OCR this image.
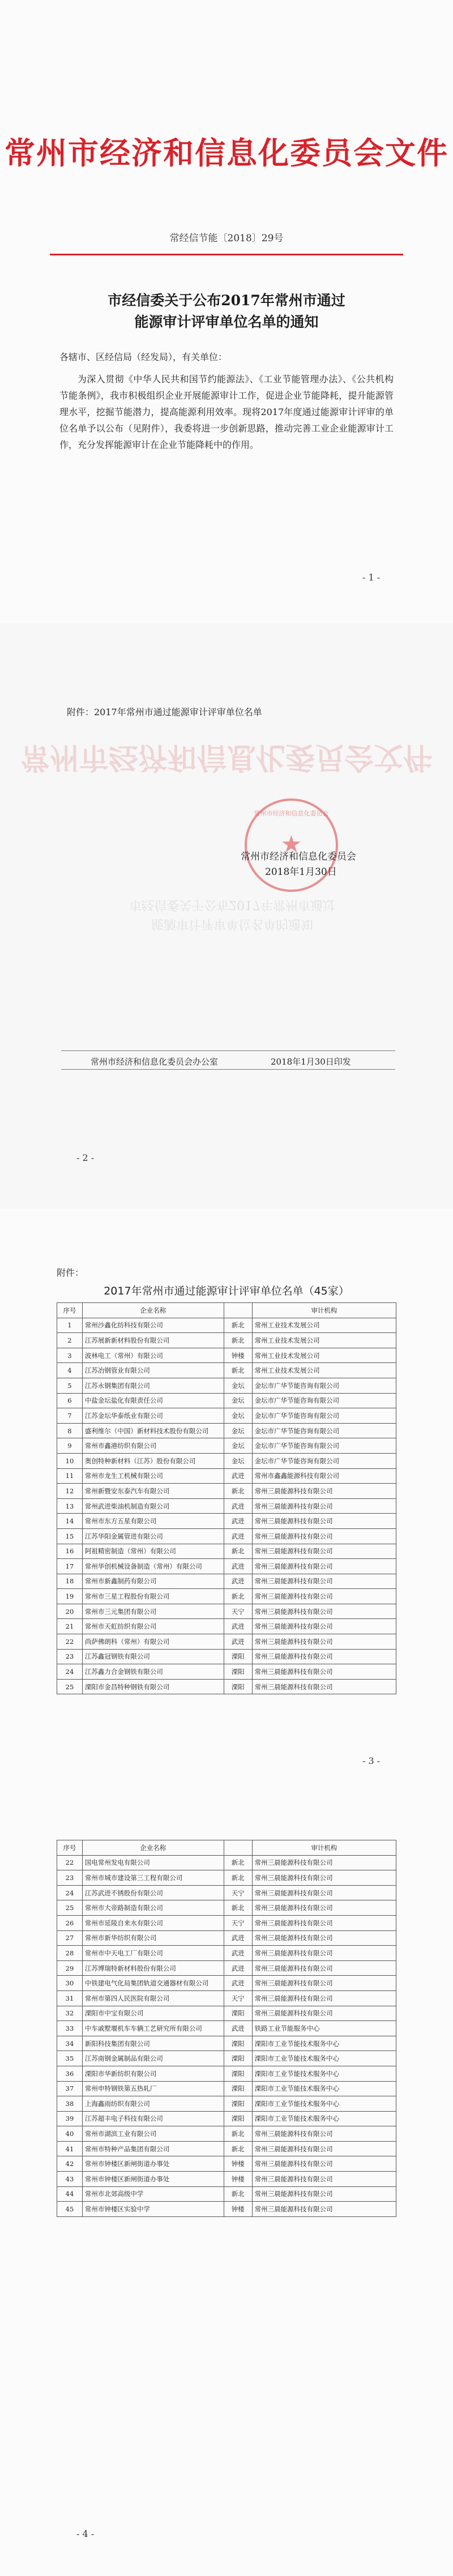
常州市经济和信息化委员会文件
常经信节能〔2018〕29号
市经信委关于公布2017年常州市通过
能源审计评审单位名单的通知
各辖市、区经信局（经发局），有关单位：
为深入贯彻《中华人民共和国节约能源法》、《工业节能管理办法》、《公共机构节能条例》，我市积极组织企业开展能源审计工作，促进企业节能降耗，提升能源管理水平，挖掘节能潜力，提高能源利用效率。现将2017年度通过能源审计评审的单位名单予以公布（见附件），我委将进一步创新思路，推动完善工业企业能源审计工作，充分发挥能源审计在企业节能降耗中的作用。
- 1 -
附件：2017年常州市通过能源审计评审单位名单
常州市经济和信息化委员会文件
市经信委关于公布2017年常州市通过
能源审计评审单位名单的通知
常州市经济和信息化委员会
★
常州市经济和信息化委员会
2018年1月30日
常州市经济和信息化委员会办公室	2018年1月30日印发
- 2 -
附件：
2017年常州市通过能源审计评审单位名单（45家）
序号	企业名称		审计机构
1	常州沙鑫化纺科技有限公司	新北	常州工业技术发展公司
2	江苏展新新材料股份有限公司	新北	常州工业技术发展公司
3	波林电工（常州）有限公司	钟楼	常州工业技术发展公司
4	江苏冶钢管业有限公司	新北	常州工业技术发展公司
5	江苏永钢集团有限公司	金坛	金坛市广华节能咨询有限公司
6	中盐金坛盐化有限责任公司	金坛	金坛市广华节能咨询有限公司
7	江苏金坛华泰纸业有限公司	金坛	金坛市广华节能咨询有限公司
8	盛利维尔（中国）新材料技术股份有限公司	金坛	金坛市广华节能咨询有限公司
9	常州市鑫港纺织有限公司	金坛	金坛市广华节能咨询有限公司
10	奥创特种新材料（江苏）股份有限公司	金坛	金坛市广华节能咨询有限公司
11	常州市龙生工机械有限公司	武进	常州市鑫鑫能源科技有限公司
12	常州新暨安东泰汽车有限公司	新北	常州三晨能源科技有限公司
13	常州武进柴油机制造有限公司	武进	常州三晨能源科技有限公司
14	常州市东方五星有限公司	武进	常州三晨能源科技有限公司
15	江苏华阳金属管进有限公司	武进	常州三晨能源科技有限公司
16	阿祖精密制造（常州）有限公司	新北	常州三晨能源科技有限公司
17	常州华创机械设备制造（常州）有限公司	武进	常州三晨能源科技有限公司
18	常州市新鑫制药有限公司	武进	常州三晨能源科技有限公司
19	常州市三星工程股份有限公司	新北	常州三晨能源科技有限公司
20	常州市三元集团有限公司	天宁	常州三晨能源科技有限公司
21	常州市天虹纺织有限公司	武进	常州三晨能源科技有限公司
22	尚萨佛朗科（常州）有限公司	武进	常州三晨能源科技有限公司
23	江苏鑫冠钢铁有限公司	溧阳	常州三晨能源科技有限公司
24	江苏鑫力合金钢铁有限公司	溧阳	常州三晨能源科技有限公司
25	溧阳市金昌特种钢铁有限公司	溧阳	常州三晨能源科技有限公司
- 3 -
序号	企业名称		审计机构
22	国电常州发电有限公司	新北	常州三晨能源科技有限公司
23	常州市城市建设第三工程有限公司	新北	常州三晨能源科技有限公司
24	江苏武进不锈股份有限公司	天宁	常州三晨能源科技有限公司
25	常州市大帝路制造有限公司	新北	常州三晨能源科技有限公司
26	常州市延陵自来水有限公司	天宁	常州三晨能源科技有限公司
27	常州市新华纺织有限公司	武进	常州三晨能源科技有限公司
28	常州市中天电工厂有限公司	武进	常州三晨能源科技有限公司
29	江苏博瑞特新材料股份有限公司	武进	常州三晨能源科技有限公司
30	中铁建电气化局集团轨道交通器材有限公司	武进	常州三晨能源科技有限公司
31	常州市第四人民医院有限公司	天宁	常州三晨能源科技有限公司
32	溧阳市中宝有限公司	溧阳	常州三晨能源科技有限公司
33	中车戚墅堰机车车辆工艺研究所有限公司	武进	铁路工业节能服务中心
34	新阳科技集团有限公司	溧阳	溧阳市工业节能技术服务中心
35	江苏南钢金属制品有限公司	溧阳	溧阳市工业节能技术服务中心
36	溧阳市华新纺织有限公司	溧阳	溧阳市工业节能技术服务中心
37	常州申特钢铁第五热轧厂	溧阳	溧阳市工业节能技术服务中心
38	上海鑫雨纺织有限公司	溧阳	溧阳市工业节能技术服务中心
39	江苏超丰电子科技有限公司	溧阳	溧阳市工业节能技术服务中心
40	常州市湖滨工业有限公司	新北	常州三晨能源科技有限公司
41	常州市特种产品集团有限公司	新北	常州三晨能源科技有限公司
42	常州市钟楼区新闸街道办事处	钟楼	常州三晨能源科技有限公司
43	常州市钟楼区新闸街道办事处	钟楼	常州三晨能源科技有限公司
44	常州市北郊高级中学	新北	常州三晨能源科技有限公司
45	常州市钟楼区实验中学	钟楼	常州三晨能源科技有限公司
- 4 -
